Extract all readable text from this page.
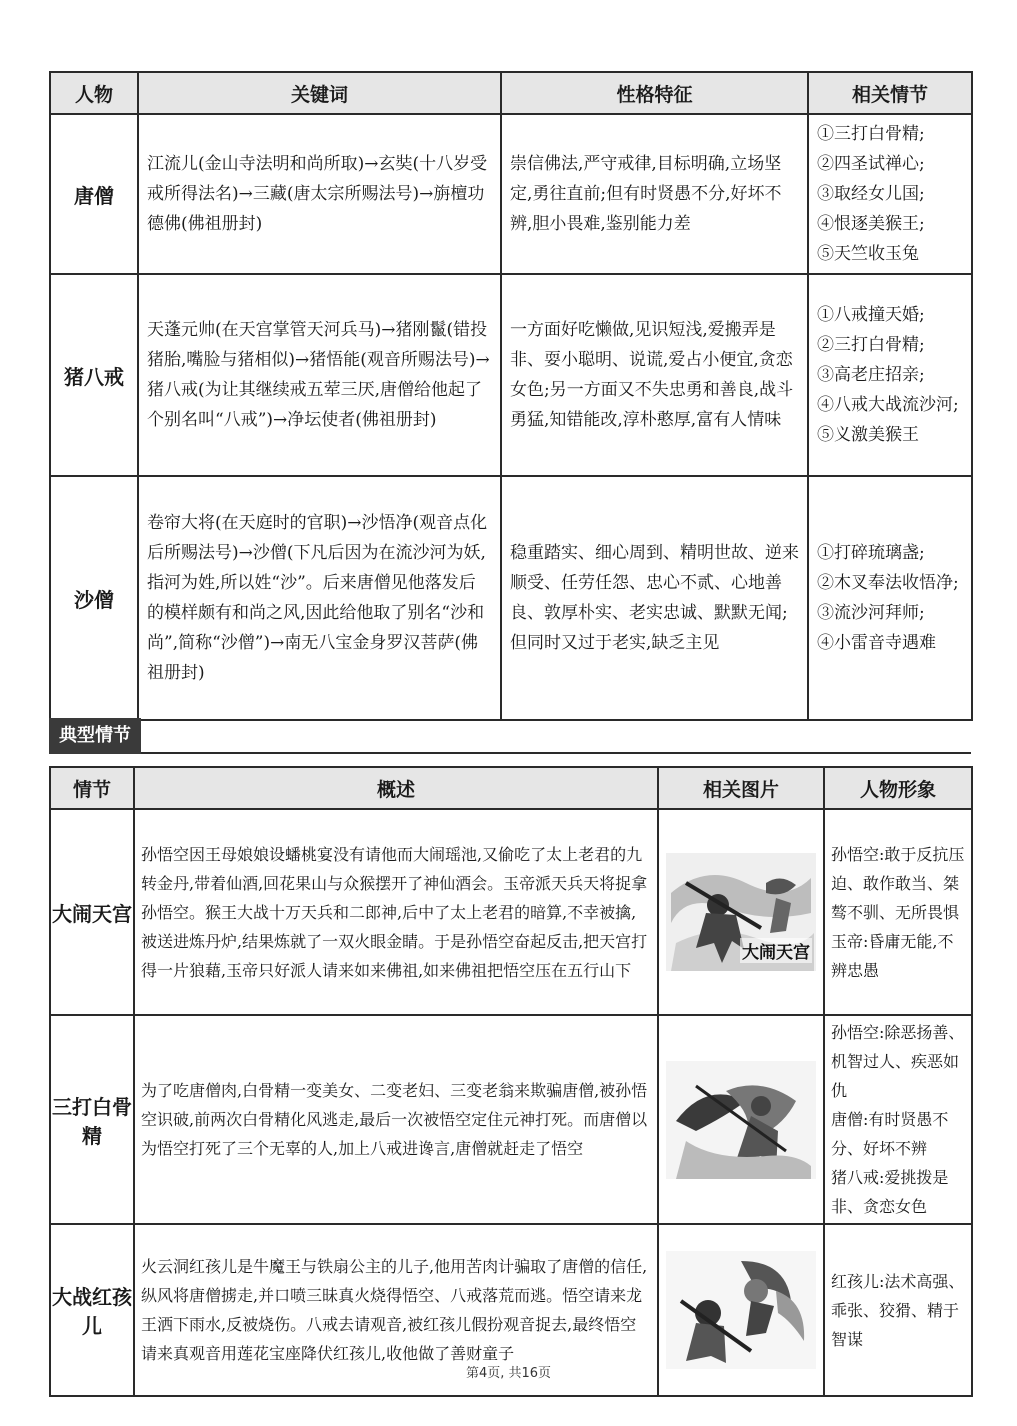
人物	关键词	性格特征	相关情节
唐僧	江流儿(金山寺法明和尚所取)→玄奘(十八岁受戒所得法名)→三藏(唐太宗所赐法号)→旃檀功德佛(佛祖册封)	崇信佛法,严守戒律,目标明确,立场坚定,勇往直前;但有时贤愚不分,好坏不辨,胆小畏难,鉴别能力差	①三打白骨精;
②四圣试禅心;
③取经女儿国;
④恨逐美猴王;
⑤天竺收玉兔

猪八戒	天蓬元帅(在天宫掌管天河兵马)→猪刚鬣(错投猪胎,嘴脸与猪相似)→猪悟能(观音所赐法号)→猪八戒(为让其继续戒五荤三厌,唐僧给他起了个别名叫“八戒”)→净坛使者(佛祖册封)	一方面好吃懒做,见识短浅,爱搬弄是非、耍小聪明、说谎,爱占小便宜,贪恋女色;另一方面又不失忠勇和善良,战斗勇猛,知错能改,淳朴憨厚,富有人情味	①八戒撞天婚;
②三打白骨精;
③高老庄招亲;
④八戒大战流沙河;
⑤义激美猴王

沙僧	卷帘大将(在天庭时的官职)→沙悟净(观音点化后所赐法号)→沙僧(下凡后因为在流沙河为妖,指河为姓,所以姓“沙”。后来唐僧见他落发后的模样颇有和尚之风,因此给他取了别名“沙和尚”,简称“沙僧”)→南无八宝金身罗汉菩萨(佛祖册封)	稳重踏实、细心周到、精明世故、逆来顺受、任劳任怨、忠心不贰、心地善良、敦厚朴实、老实忠诚、默默无闻;但同时又过于老实,缺乏主见	①打碎琉璃盏;
②木叉奉法收悟净;
③流沙河拜师;
④小雷音寺遇难
典型情节
情节	概述	相关图片	人物形象
大闹天宫	孙悟空因王母娘娘设蟠桃宴没有请他而大闹瑶池,又偷吃了太上老君的九转金丹,带着仙酒,回花果山与众猴摆开了神仙酒会。玉帝派天兵天将捉拿孙悟空。猴王大战十万天兵和二郎神,后中了太上老君的暗算,不幸被擒,被送进炼丹炉,结果炼就了一双火眼金睛。于是孙悟空奋起反击,把天宫打得一片狼藉,玉帝只好派人请来如来佛祖,如来佛祖把悟空压在五行山下	大闹天宫	孙悟空:敢于反抗压迫、敢作敢当、桀骜不驯、无所畏惧
玉帝:昏庸无能,不辨忠愚
三打白骨精	为了吃唐僧肉,白骨精一变美女、二变老妇、三变老翁来欺骗唐僧,被孙悟空识破,前两次白骨精化风逃走,最后一次被悟空定住元神打死。而唐僧以为悟空打死了三个无辜的人,加上八戒进谗言,唐僧就赶走了悟空		孙悟空:除恶扬善、机智过人、疾恶如仇
唐僧:有时贤愚不分、好坏不辨
猪八戒:爱挑拨是非、贪恋女色
大战红孩儿	火云洞红孩儿是牛魔王与铁扇公主的儿子,他用苦肉计骗取了唐僧的信任,纵风将唐僧掳走,并口喷三昧真火烧得悟空、八戒落荒而逃。悟空请来龙王洒下雨水,反被烧伤。八戒去请观音,被红孩儿假扮观音捉去,最终悟空请来真观音用莲花宝座降伏红孩儿,收他做了善财童子		红孩儿:法术高强、乖张、狡猾、精于智谋
第4页, 共16页
